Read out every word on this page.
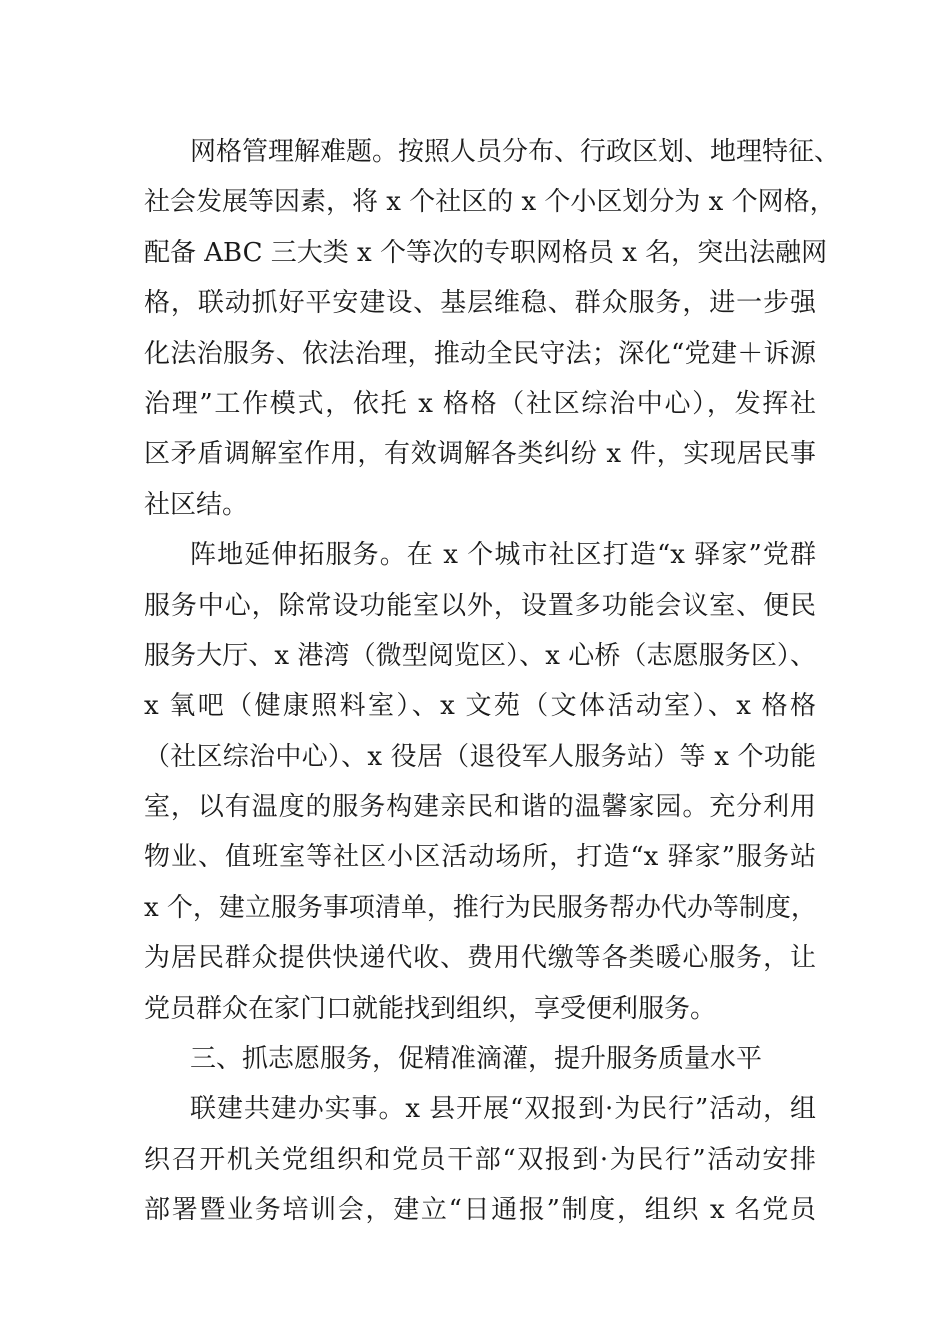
网格管理解难题。按照人员分布、行政区划、地理特征、
社会发展等因素，将 x 个社区的 x 个小区划分为 x 个网格，
配备 ABC 三大类 x 个等次的专职网格员 x 名，突出法融网
格，联动抓好平安建设、基层维稳、群众服务，进一步强
化法治服务、依法治理，推动全民守法；深化“党建＋诉源
治理”工作模式，依托 x 格格（社区综治中心），发挥社
区矛盾调解室作用，有效调解各类纠纷 x 件，实现居民事
社区结。
阵地延伸拓服务。在 x 个城市社区打造“x 驿家”党群
服务中心，除常设功能室以外，设置多功能会议室、便民
服务大厅、x 港湾（微型阅览区）、x 心桥（志愿服务区）、
x 氧吧（健康照料室）、x 文苑（文体活动室）、x 格格
（社区综治中心）、x 役居（退役军人服务站）等 x 个功能
室，以有温度的服务构建亲民和谐的温馨家园。充分利用
物业、值班室等社区小区活动场所，打造“x 驿家”服务站
x 个，建立服务事项清单，推行为民服务帮办代办等制度，
为居民群众提供快递代收、费用代缴等各类暖心服务，让
党员群众在家门口就能找到组织，享受便利服务。
三、抓志愿服务，促精准滴灌，提升服务质量水平
联建共建办实事。x 县开展“双报到·为民行”活动，组
织召开机关党组织和党员干部“双报到·为民行”活动安排
部署暨业务培训会，建立“日通报”制度，组织 x 名党员
